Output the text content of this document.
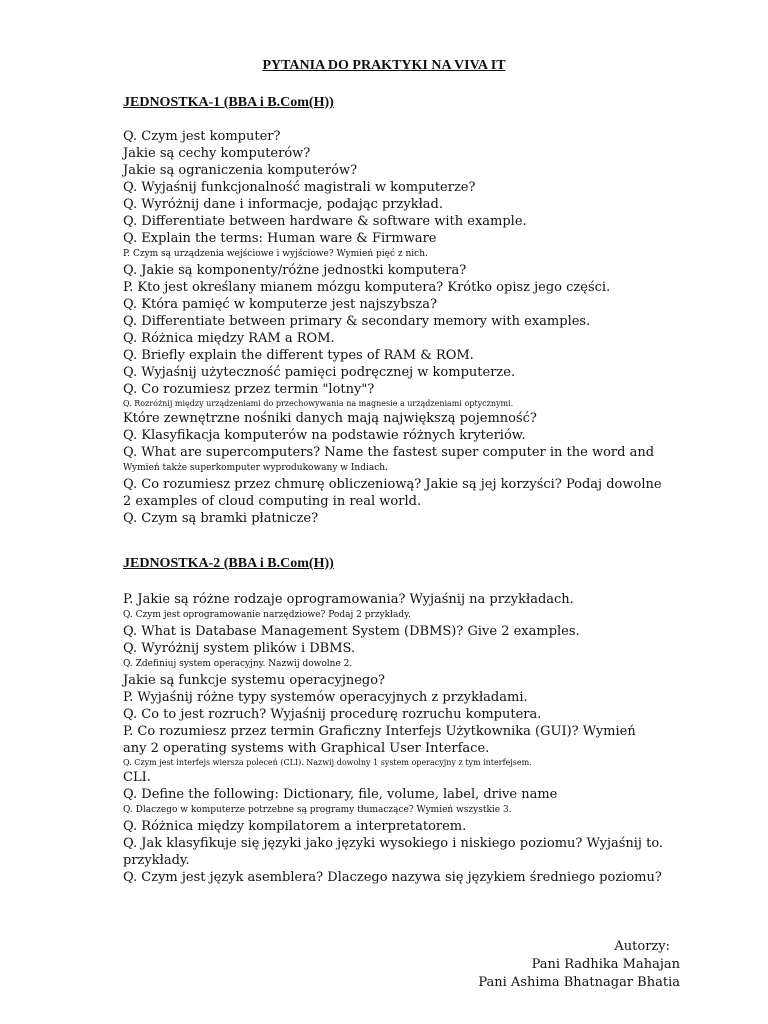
PYTANIA DO PRAKTYKI NA VIVA IT
JEDNOSTKA-1 (BBA i B.Com(H))
Q. Czym jest komputer?
Jakie są cechy komputerów?
Jakie są ograniczenia komputerów?
Q. Wyjaśnij funkcjonalność magistrali w komputerze?
Q. Wyróżnij dane i informacje, podając przykład.
Q. Differentiate between hardware & software with example.
Q. Explain the terms: Human ware & Firmware
P. Czym są urządzenia wejściowe i wyjściowe? Wymień pięć z nich.
Q. Jakie są komponenty/różne jednostki komputera?
P. Kto jest określany mianem mózgu komputera? Krótko opisz jego części.
Q. Która pamięć w komputerze jest najszybsza?
Q. Differentiate between primary & secondary memory with examples.
Q. Różnica między RAM a ROM.
Q. Briefly explain the different types of RAM & ROM.
Q. Wyjaśnij użyteczność pamięci podręcznej w komputerze.
Q. Co rozumiesz przez termin "lotny"?
Q. Rozróżnij między urządzeniami do przechowywania na magnesie a urządzeniami optycznymi.
Które zewnętrzne nośniki danych mają największą pojemność?
Q. Klasyfikacja komputerów na podstawie różnych kryteriów.
Q. What are supercomputers? Name the fastest super computer in the word and
Wymień także superkomputer wyprodukowany w Indiach.
Q. Co rozumiesz przez chmurę obliczeniową? Jakie są jej korzyści? Podaj dowolne
2 examples of cloud computing in real world.
Q. Czym są bramki płatnicze?
JEDNOSTKA-2 (BBA i B.Com(H))
P. Jakie są różne rodzaje oprogramowania? Wyjaśnij na przykładach.
Q. Czym jest oprogramowanie narzędziowe? Podaj 2 przykłady.
Q. What is Database Management System (DBMS)? Give 2 examples.
Q. Wyróżnij system plików i DBMS.
Q. Zdefiniuj system operacyjny. Nazwij dowolne 2.
Jakie są funkcje systemu operacyjnego?
P. Wyjaśnij różne typy systemów operacyjnych z przykładami.
Q. Co to jest rozruch? Wyjaśnij procedurę rozruchu komputera.
P. Co rozumiesz przez termin Graficzny Interfejs Użytkownika (GUI)? Wymień
any 2 operating systems with Graphical User Interface.
Q. Czym jest interfejs wiersza poleceń (CLI). Nazwij dowolny 1 system operacyjny z tym interfejsem.
CLI.
Q. Define the following: Dictionary, file, volume, label, drive name
Q. Dlaczego w komputerze potrzebne są programy tłumaczące? Wymień wszystkie 3.
Q. Różnica między kompilatorem a interpretatorem.
Q. Jak klasyfikuje się języki jako języki wysokiego i niskiego poziomu? Wyjaśnij to.
przykłady.
Q. Czym jest język asemblera? Dlaczego nazywa się językiem średniego poziomu?
Autorzy:
Pani Radhika Mahajan
Pani Ashima Bhatnagar Bhatia
